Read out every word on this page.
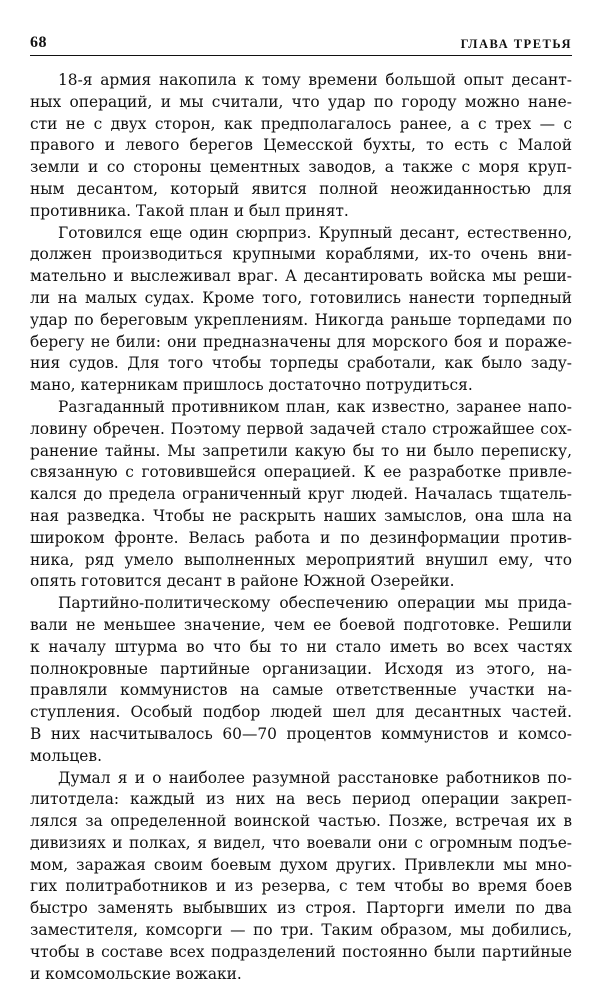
68	ГЛАВА ТРЕТЬЯ
18-я армия накопила к тому времени большой опыт десант-
ных операций, и мы считали, что удар по городу можно нане-
сти не с двух сторон, как предполагалось ранее, а с трех — с
правого и левого берегов Цемесской бухты, то есть с Малой
земли и со стороны цементных заводов, а также с моря круп-
ным десантом, который явится полной неожиданностью для
противника. Такой план и был принят.
Готовился еще один сюрприз. Крупный десант, естественно,
должен производиться крупными кораблями, их-то очень вни-
мательно и выслеживал враг. А десантировать войска мы реши-
ли на малых судах. Кроме того, готовились нанести торпедный
удар по береговым укреплениям. Никогда раньше торпедами по
берегу не били: они предназначены для морского боя и пораже-
ния судов. Для того чтобы торпеды сработали, как было заду-
мано, катерникам пришлось достаточно потрудиться.
Разгаданный противником план, как известно, заранее напо-
ловину обречен. Поэтому первой задачей стало строжайшее сох-
ранение тайны. Мы запретили какую бы то ни было переписку,
связанную с готовившейся операцией. К ее разработке привле-
кался до предела ограниченный круг людей. Началась тщатель-
ная разведка. Чтобы не раскрыть наших замыслов, она шла на
широком фронте. Велась работа и по дезинформации против-
ника, ряд умело выполненных мероприятий внушил ему, что
опять готовится десант в районе Южной Озерейки.
Партийно-политическому обеспечению операции мы прида-
вали не меньшее значение, чем ее боевой подготовке. Решили
к началу штурма во что бы то ни стало иметь во всех частях
полнокровные партийные организации. Исходя из этого, на-
правляли коммунистов на самые ответственные участки на-
ступления. Особый подбор людей шел для десантных частей.
В них насчитывалось 60—70 процентов коммунистов и комсо-
мольцев.
Думал я и о наиболее разумной расстановке работников по-
литотдела: каждый из них на весь период операции закреп-
лялся за определенной воинской частью. Позже, встречая их в
дивизиях и полках, я видел, что воевали они с огромным подъе-
мом, заражая своим боевым духом других. Привлекли мы мно-
гих политработников и из резерва, с тем чтобы во время боев
быстро заменять выбывших из строя. Парторги имели по два
заместителя, комсорги — по три. Таким образом, мы добились,
чтобы в составе всех подразделений постоянно были партийные
и комсомольские вожаки.
